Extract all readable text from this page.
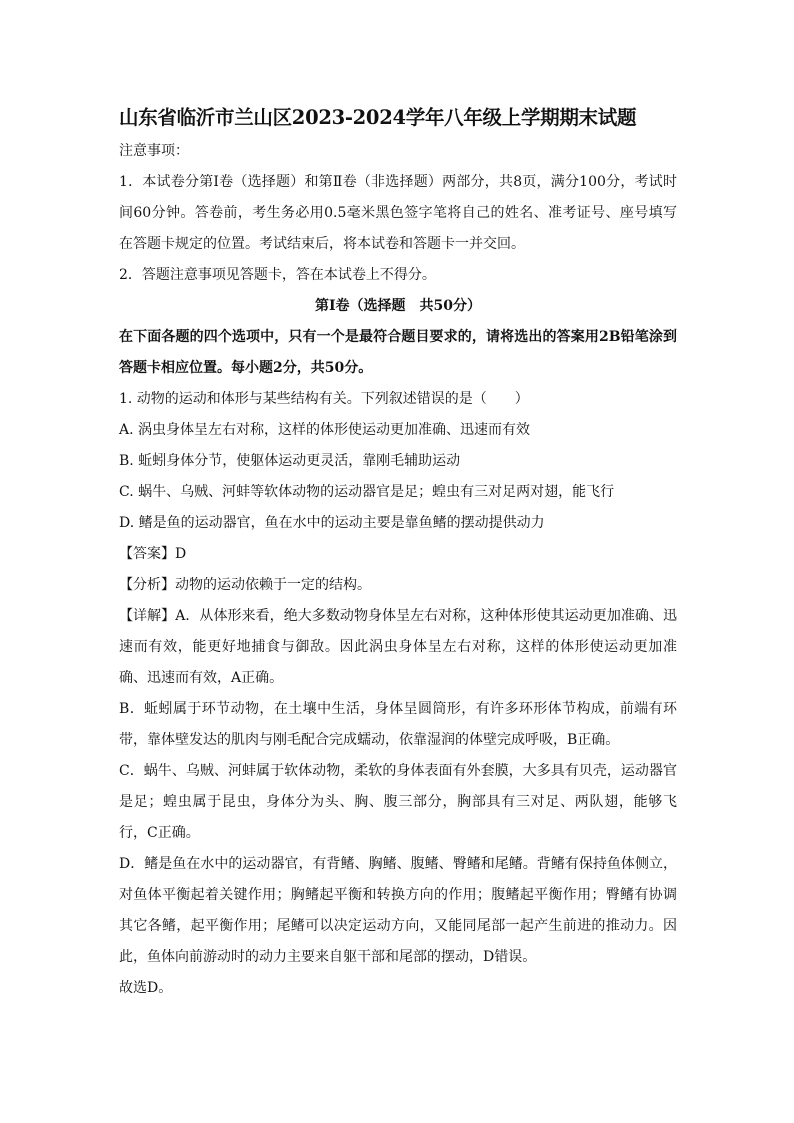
山东省临沂市兰山区2023-2024学年八年级上学期期末试题

注意事项：

1．本试卷分第Ⅰ卷（选择题）和第Ⅱ卷（非选择题）两部分，共8页，满分100分，考试时间60分钟。答卷前，考生务必用0.5毫米黑色签字笔将自己的姓名、准考证号、座号填写在答题卡规定的位置。考试结束后，将本试卷和答题卡一并交回。

2．答题注意事项见答题卡，答在本试卷上不得分。

第Ⅰ卷（选择题　共50分）

在下面各题的四个选项中，只有一个是最符合题目要求的，请将选出的答案用2B铅笔涂到答题卡相应位置。每小题2分，共50分。

1. 动物的运动和体形与某些结构有关。下列叙述错误的是（　　）

A. 涡虫身体呈左右对称，这样的体形使运动更加准确、迅速而有效

B. 蚯蚓身体分节，使躯体运动更灵活，靠刚毛辅助运动

C. 蜗牛、乌贼、河蚌等软体动物的运动器官是足；蝗虫有三对足两对翅，能飞行

D. 鳍是鱼的运动器官，鱼在水中的运动主要是靠鱼鳍的摆动提供动力

【答案】D

【分析】动物的运动依赖于一定的结构。

【详解】A．从体形来看，绝大多数动物身体呈左右对称，这种体形使其运动更加准确、迅速而有效，能更好地捕食与御敌。因此涡虫身体呈左右对称，这样的体形使运动更加准确、迅速而有效，A正确。

B．蚯蚓属于环节动物，在土壤中生活，身体呈圆筒形，有许多环形体节构成，前端有环带，靠体壁发达的肌肉与刚毛配合完成蠕动，依靠湿润的体壁完成呼吸，B正确。

C．蜗牛、乌贼、河蚌属于软体动物，柔软的身体表面有外套膜，大多具有贝壳，运动器官是足；蝗虫属于昆虫，身体分为头、胸、腹三部分，胸部具有三对足、两队翅，能够飞行，C正确。

D．鳍是鱼在水中的运动器官，有背鳍、胸鳍、腹鳍、臀鳍和尾鳍。背鳍有保持鱼体侧立，对鱼体平衡起着关键作用；胸鳍起平衡和转换方向的作用；腹鳍起平衡作用；臀鳍有协调其它各鳍，起平衡作用；尾鳍可以决定运动方向，又能同尾部一起产生前进的推动力。因此，鱼体向前游动时的动力主要来自躯干部和尾部的摆动，D错误。

故选D。
